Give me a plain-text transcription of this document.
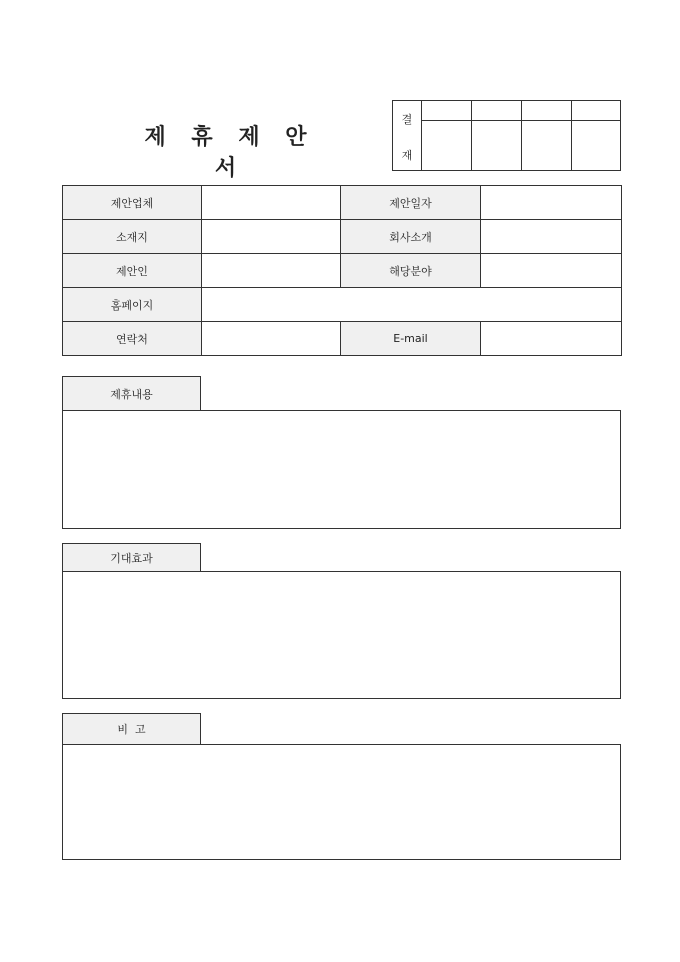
제 휴 제 안 서
결
재
제안업체		제안일자	
소재지		회사소개	
제안인		해당분야	
홈페이지			
연락처		E-mail	
제휴내용
기대효과
비  고
